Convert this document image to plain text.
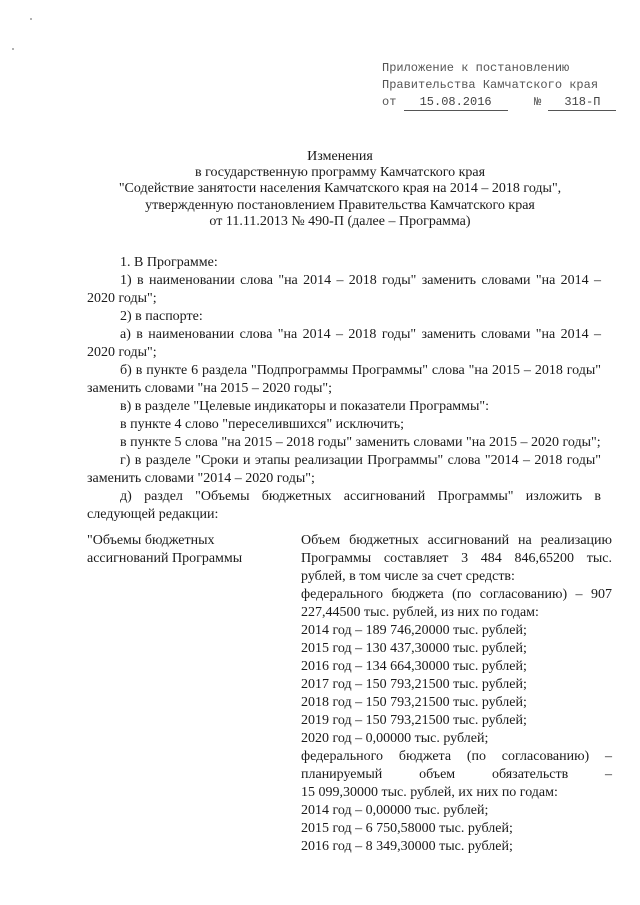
Приложение к постановлению
Правительства Камчатского края
от 15.08.2016	№ 318-П
Изменения
в государственную программу Камчатского края
"Содействие занятости населения Камчатского края на 2014 – 2018 годы",
утвержденную постановлением Правительства Камчатского края
от 11.11.2013 № 490-П (далее – Программа)
1. В Программе:
1) в наименовании слова "на 2014 – 2018 годы" заменить словами "на 2014 – 2020 годы";
2) в паспорте:
а) в наименовании слова "на 2014 – 2018 годы" заменить словами "на 2014 – 2020 годы";
б) в пункте 6 раздела "Подпрограммы Программы" слова "на 2015 – 2018 годы" заменить словами "на 2015 – 2020 годы";
в) в разделе "Целевые индикаторы и показатели Программы":
в пункте 4 слово "переселившихся" исключить;
в пункте 5 слова "на 2015 – 2018 годы" заменить словами "на 2015 – 2020 годы";
г) в разделе "Сроки и этапы реализации Программы" слова "2014 – 2018 годы" заменить словами "2014 – 2020 годы";
д) раздел "Объемы бюджетных ассигнований Программы" изложить в следующей редакции:
"Объемы бюджетных ассигнований Программы
Объем бюджетных ассигнований на реализацию Программы составляет 3 484 846,65200 тыс. рублей, в том числе за счет средств:
федерального бюджета (по согласованию) – 907 227,44500 тыс. рублей, из них по годам:
2014 год – 189 746,20000 тыс. рублей;
2015 год – 130 437,30000 тыс. рублей;
2016 год – 134 664,30000 тыс. рублей;
2017 год – 150 793,21500 тыс. рублей;
2018 год – 150 793,21500 тыс. рублей;
2019 год – 150 793,21500 тыс. рублей;
2020 год – 0,00000 тыс. рублей;
федерального бюджета (по согласованию) –
планируемый объем обязательств –
15 099,30000 тыс. рублей, их них по годам:
2014 год – 0,00000 тыс. рублей;
2015 год – 6 750,58000 тыс. рублей;
2016 год – 8 349,30000 тыс. рублей;
